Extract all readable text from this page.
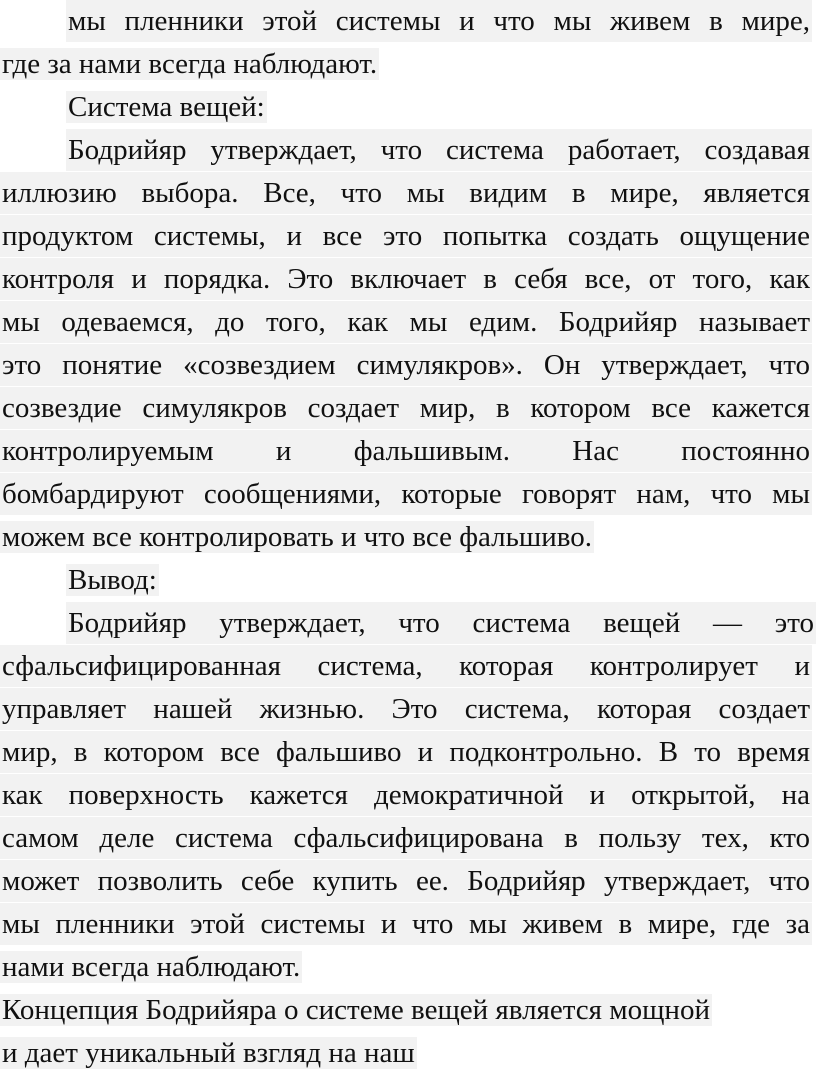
мы пленники этой системы и что мы живем в мире,
где за нами всегда наблюдают.
Система вещей:
Бодрийяр утверждает, что система работает, создавая
иллюзию выбора. Все, что мы видим в мире, является
продуктом системы, и все это попытка создать ощущение
контроля и порядка. Это включает в себя все, от того, как
мы одеваемся, до того, как мы едим. Бодрийяр называет
это понятие «созвездием симулякров». Он утверждает, что
созвездие симулякров создает мир, в котором все кажется
контролируемым и фальшивым. Нас постоянно
бомбардируют сообщениями, которые говорят нам, что мы
можем все контролировать и что все фальшиво.
Вывод:
Бодрийяр утверждает, что система вещей — это
сфальсифицированная система, которая контролирует и
управляет нашей жизнью. Это система, которая создает
мир, в котором все фальшиво и подконтрольно. В то время
как поверхность кажется демократичной и открытой, на
самом деле система сфальсифицирована в пользу тех, кто
может позволить себе купить ее. Бодрийяр утверждает, что
мы пленники этой системы и что мы живем в мире, где за
нами всегда наблюдают.
Концепция Бодрийяра о системе вещей является мощной
и дает уникальный взгляд на наш
